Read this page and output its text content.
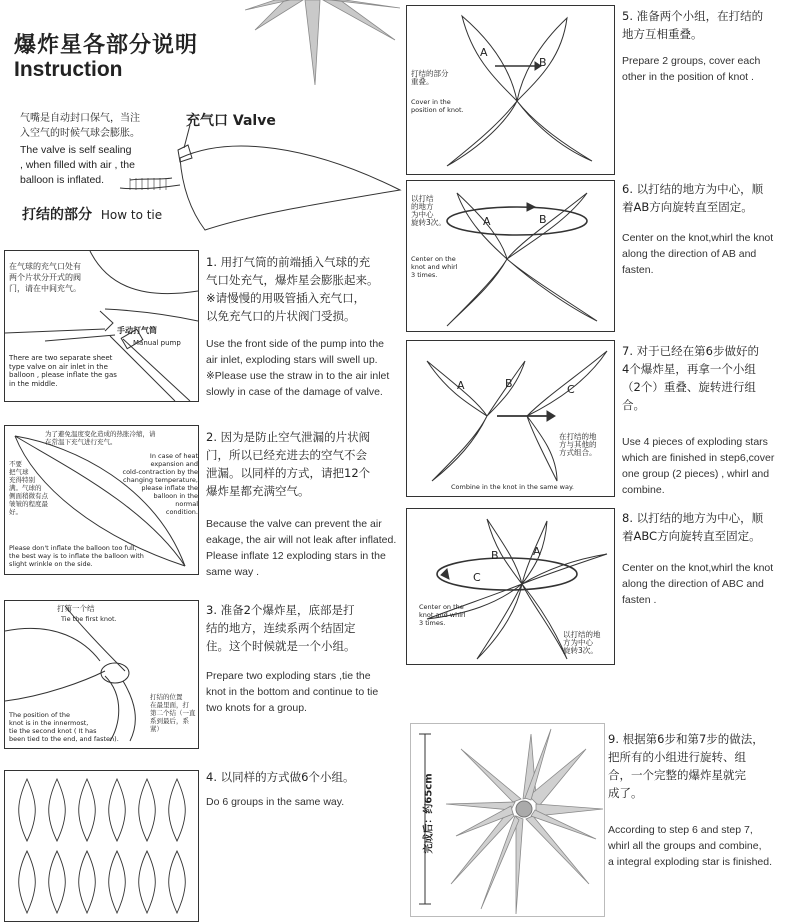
爆炸星各部分说明
Instruction
气嘴是自动封口保气，当注
入空气的时候气球会膨胀。
The valve is self sealing
, when filled with air , the
balloon is inflated.
充气口 Valve
打结的部分 How to tie
在气球的充气口处有
两个片状分开式的阀
门，请在中间充气。
手动打气筒
Manual pump
There are two separate sheet
type valve on air inlet in the
balloon , please inflate the gas
in the middle.
1. 用打气筒的前端插入气球的充
气口处充气，爆炸星会膨胀起来。
※请慢慢的用吸管插入充气口，
以免充气口的片状阀门受损。
Use the front side of the pump into the
air inlet, exploding stars will swell up.
※Please use the straw in to the air inlet
slowly in case of the damage of valve.
为了避免温度变化造成的热胀冷缩，请
在常温下充气进行充气。
In case of heat expansion and
cold-contraction by the
changing temperature,
please inflate the
balloon in the
normal
condition.
不要
把气球
充得特别
满。气球的
侧面稍微有点
皱皱的程度最
好。
Please don't inflate the balloon too full,
the best way is to inflate the balloon with
slight wrinkle on the side.
2. 因为是防止空气泄漏的片状阀
门，所以已经充进去的空气不会
泄漏。以同样的方式，请把12个
爆炸星都充满空气。
Because the valve can prevent the air
eakage, the air will not leak after inflated.
Please inflate 12 exploding stars in the
same way .
打第一个结
Tie the first knot.
打结的位置
在最里面，打
第二个结（一直
系到最后，系紧）
The position of the
knot is in the innermost,
tie the second knot ( It has
been tied to the end, and fasten).
3. 准备2个爆炸星，底部是打
结的地方，连续系两个结固定
住。这个时候就是一个小组。
Prepare two exploding stars ,tie the
knot in the bottom and continue to tie
two knots for a group.
4. 以同样的方式做6个小组。
Do 6 groups in the same way.
A
B
打结的部分
重叠。
Cover in the
position of knot.
5. 准备两个小组，在打结的
地方互相重叠。
Prepare 2 groups, cover each
other in the position of knot .
A	B
以打结
的地方
为中心
旋转3次。
Center on the
knot and whirl
3 times.
6. 以打结的地方为中心，顺
着AB方向旋转直至固定。
Center on the knot,whirl the knot
along the direction of AB and
fasten.
A	B	C
在打结的地
方与其他的
方式组合。
Combine in the knot in the same way.
7. 对于已经在第6步做好的
4个爆炸星，再拿一个小组
（2个）重叠、旋转进行组
合。
Use 4 pieces of exploding stars
which are finished in step6,cover
one group (2 pieces) , whirl and
combine.
A
B
C
Center on the
knot and whirl
3 times.
以打结的地
方为中心
旋转3次。
8. 以打结的地方为中心，顺
着ABC方向旋转直至固定。
Center on the knot,whirl the knot
along the direction of ABC and
fasten .
完成后：约65cm
9. 根据第6步和第7步的做法，
把所有的小组进行旋转、组
合，一个完整的爆炸星就完
成了。
According to step 6 and step 7,
whirl all the groups and combine,
a integral exploding star is finished.
